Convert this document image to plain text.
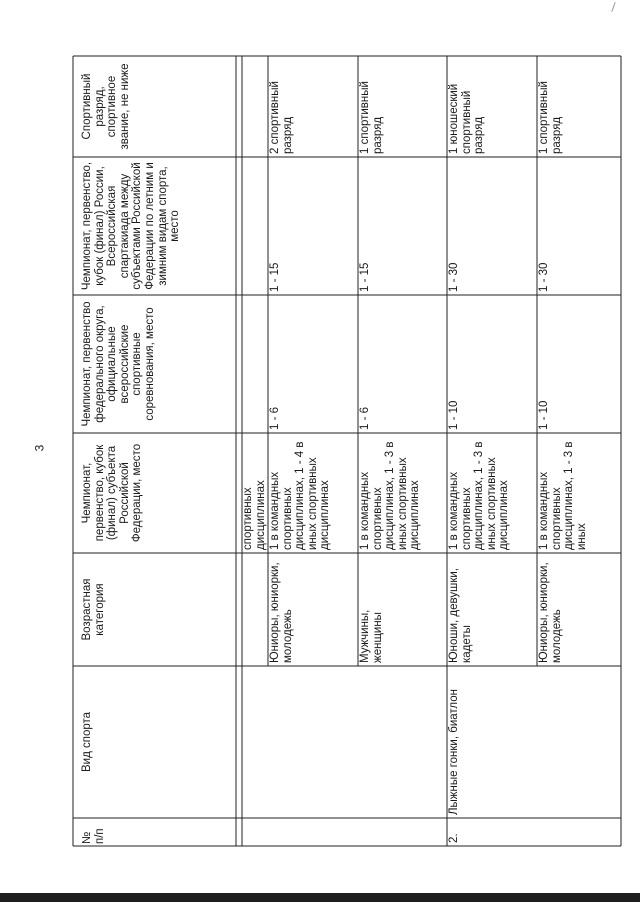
3
Спортивный разряд, спортивное звание, не ниже
Чемпионат, первенство, кубок (финал) России, Всероссийская спартакиада между субъектами Российской Федерации по летним и зимним видам спорта, место
Чемпионат, первенство федерального округа, официальные всероссийские спортивные соревнования, место
Чемпионат, первенство, кубок (финал) субъекта Российской Федерации, место
Возрастная категория
Вид спорта
№ п/п
спортивных дисциплинах
2 спортивный разряд
1 - 15
1 - 6
1 в командных спортивных дисциплинах, 1 - 4 в иных спортивных дисциплинах
Юниоры, юниорки, молодежь
1 спортивный разряд
1 - 15
1 - 6
1 в командных спортивных дисциплинах, 1 - 3 в иных спортивных дисциплинах
Мужчины, женщины
1 юношеский спортивный разряд
1 - 30
1 - 10
1 в командных спортивных дисциплинах, 1 - 3 в иных спортивных дисциплинах
Юноши, девушки, кадеты
Лыжные гонки, биатлон
2.
1 спортивный разряд
1 - 30
1 - 10
1 в командных спортивных дисциплинах, 1 - 3 в иных
Юниоры, юниорки, молодежь
